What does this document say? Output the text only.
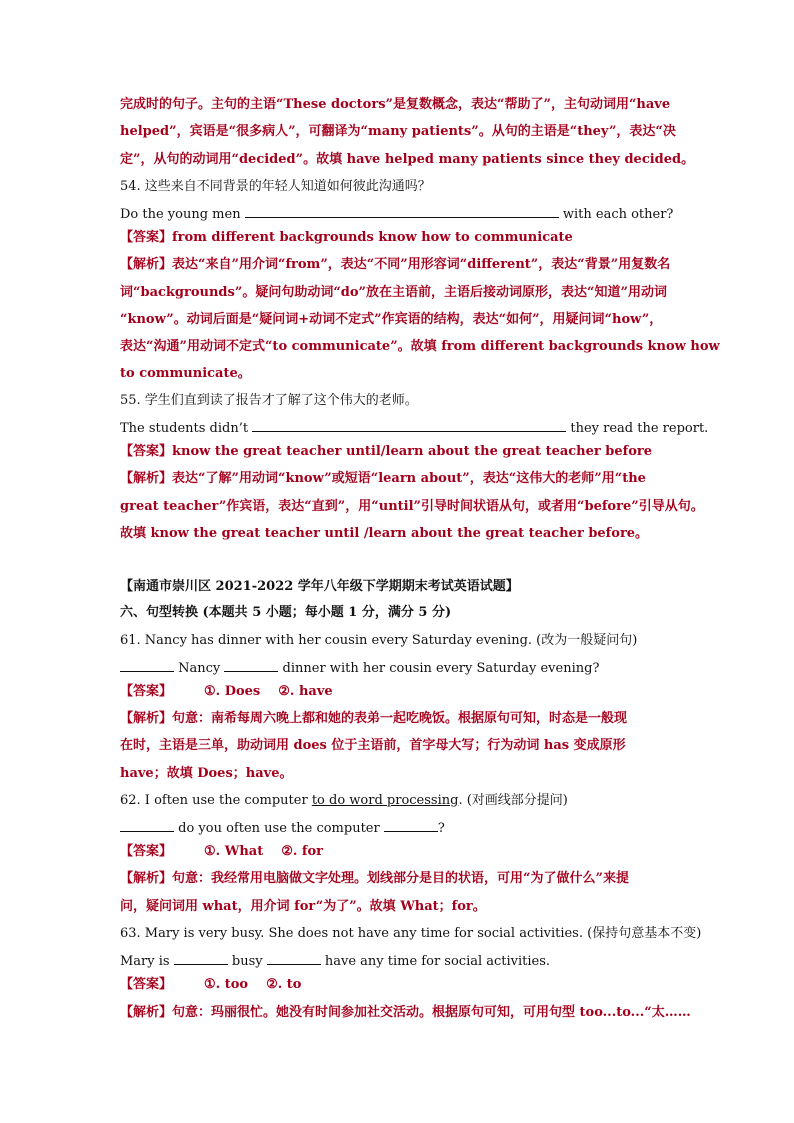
完成时的句子。主句的主语“These doctors”是复数概念，表达“帮助了”，主句动词用“have
helped”，宾语是“很多病人”，可翻译为“many patients”。从句的主语是“they”，表达“决
定”，从句的动词用“decided”。故填 have helped many patients since they decided。
54. 这些来自不同背景的年轻人知道如何彼此沟通吗？
Do the young men	with each other?
【答案】from different backgrounds know how to communicate
【解析】表达“来自”用介词“from”，表达“不同”用形容词“different”，表达“背景”用复数名
词“backgrounds”。疑问句助动词“do”放在主语前，主语后接动词原形，表达“知道”用动词
“know”。动词后面是“疑问词+动词不定式”作宾语的结构，表达“如何”，用疑问词“how”，
表达“沟通”用动词不定式“to communicate”。故填 from different backgrounds know how
to communicate。
55. 学生们直到读了报告才了解了这个伟大的老师。
The students didn’t	they read the report.
【答案】know the great teacher until/learn about the great teacher before
【解析】表达“了解”用动词“know”或短语“learn about”，表达“这伟大的老师”用“the
great teacher”作宾语，表达“直到”，用“until”引导时间状语从句，或者用“before”引导从句。
故填 know the great teacher until /learn about the great teacher before。
【南通市崇川区 2021-2022 学年八年级下学期期末考试英语试题】
六、句型转换 (本题共 5 小题；每小题 1 分，满分 5 分)
61. Nancy has dinner with her cousin every Saturday evening. (改为一般疑问句)
Nancy	dinner with her cousin every Saturday evening?
【答案】 ①. Does ②. have
【解析】句意：南希每周六晚上都和她的表弟一起吃晚饭。根据原句可知，时态是一般现
在时，主语是三单，助动词用 does 位于主语前，首字母大写；行为动词 has 变成原形
have；故填 Does；have。
62. I often use the computer to do word processing. (对画线部分提问)
do you often use the computer	?
【答案】 ①. What ②. for
【解析】句意：我经常用电脑做文字处理。划线部分是目的状语，可用“为了做什么”来提
问，疑问词用 what，用介词 for“为了”。故填 What；for。
63. Mary is very busy. She does not have any time for social activities. (保持句意基本不变)
Mary is	busy	have any time for social activities.
【答案】 ①. too ②. to
【解析】句意：玛丽很忙。她没有时间参加社交活动。根据原句可知，可用句型 too...to...“太……
